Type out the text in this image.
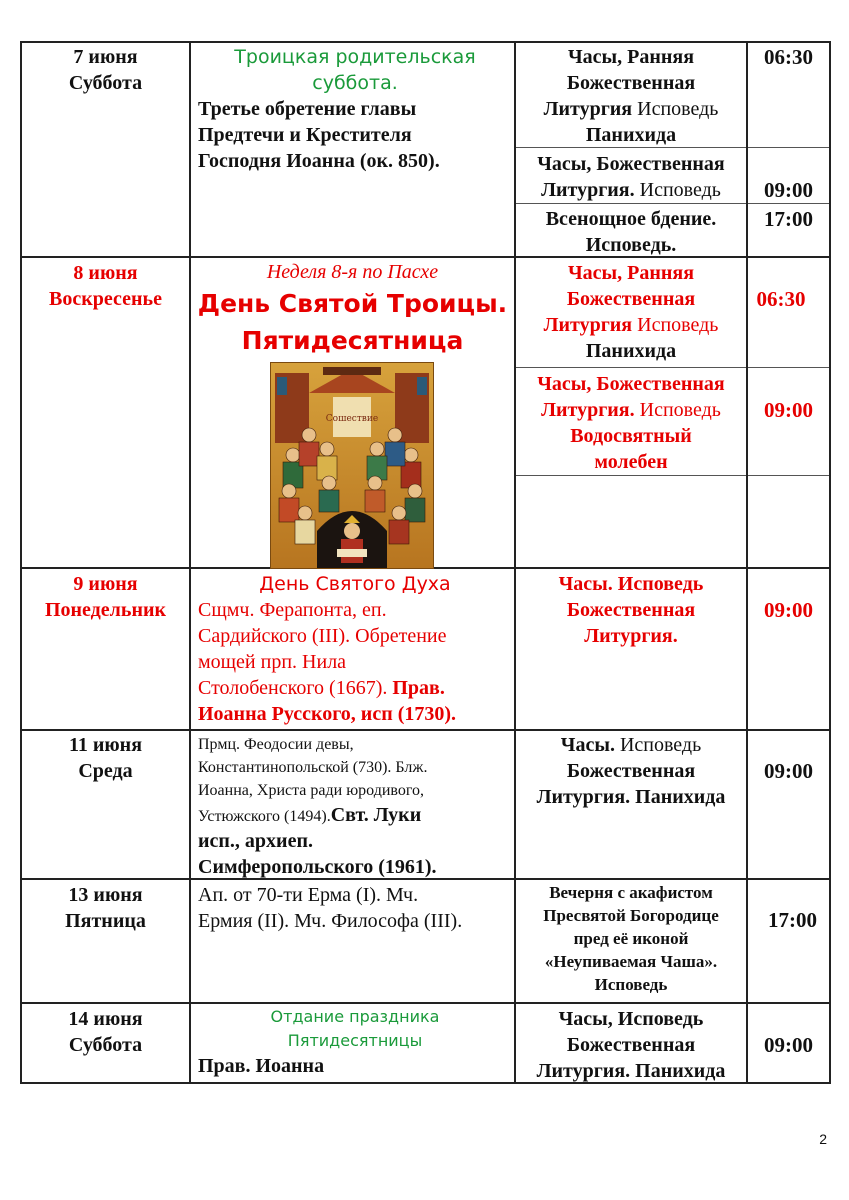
7 июня
Суббота
Троицкая родительская
суббота.
Третье обретение главы
Предтечи и Крестителя
Господня Иоанна (ок. 850).
Часы, Ранняя
Божественная
Литургия Исповедь
Панихида
06:30
Часы, Божественная
Литургия. Исповедь	09:00
Всенощное бдение.
Исповедь.
17:00
8 июня
Воскресенье
Неделя 8-я по Пасхе
День Святой Троицы.
Пятидесятница
Сошествие
Часы, Ранняя
Божественная
Литургия Исповедь
Панихида
06:30
Часы, Божественная
Литургия. Исповедь
Водосвятный
молебен
09:00
9 июня
Понедельник
День Святого Духа
Сщмч. Ферапонта, еп.
Сардийского (III). Обретение
мощей прп. Нила
Столобенского (1667). Прав.
Иоанна Русского, исп (1730).
Часы. Исповедь
Божественная
Литургия.
09:00
11 июня
Среда
Прмц. Феодосии девы,
Константинопольской (730). Блж.
Иоанна, Христа ради юродивого,
Устюжского (1494).Свт. Луки
исп., архиеп.
Симферопольского (1961).
Часы. Исповедь
Божественная
Литургия. Панихида
09:00
13 июня
Пятница
Ап. от 70-ти Ерма (I). Мч.
Ермия (II). Мч. Философа (III).
Вечерня с акафистом
Пресвятой Богородице
пред её иконой
«Неупиваемая Чаша».
Исповедь
17:00
14 июня
Суббота
Отдание праздника
Пятидесятницы
Прав. Иоанна
Часы, Исповедь
Божественная
Литургия. Панихида
09:00
2
